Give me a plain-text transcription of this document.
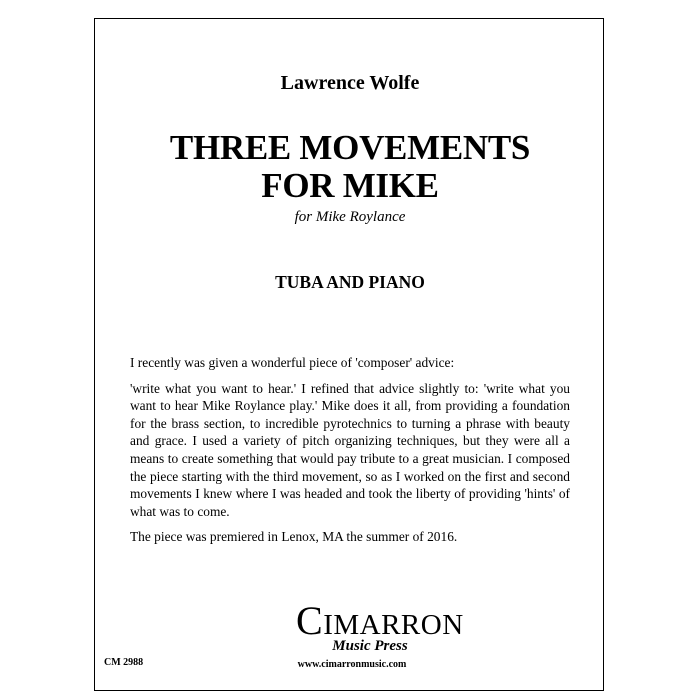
Lawrence Wolfe
THREE MOVEMENTS
FOR MIKE
for Mike Roylance
TUBA AND PIANO

I recently was given a wonderful piece of 'composer' advice:

'write what you want to hear.' I refined that advice slightly to: 'write what you want to hear Mike Roylance play.' Mike does it all, from providing a foundation for the brass section, to incredible pyrotechnics to turning a phrase with beauty and grace. I used a variety of pitch organizing techniques, but they were all a means to create something that would pay tribute to a great musician. I composed the piece starting with the third movement, so as I worked on the first and second movements I knew where I was headed and took the liberty of providing 'hints' of what was to come.

The piece was premiered in Lenox, MA the summer of 2016.

CIMARRON
Music Press
CM 2988	www.cimarronmusic.com
